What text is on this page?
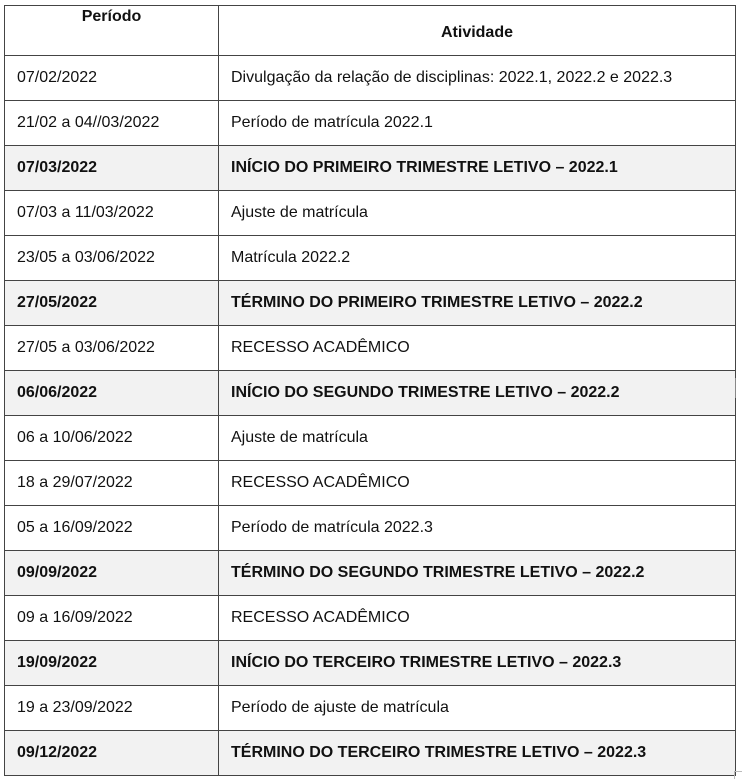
Período	Atividade
07/02/2022	Divulgação da relação de disciplinas: 2022.1, 2022.2 e 2022.3
21/02 a 04//03/2022	Período de matrícula 2022.1
07/03/2022	INÍCIO DO PRIMEIRO TRIMESTRE LETIVO – 2022.1
07/03 a 11/03/2022	Ajuste de matrícula
23/05 a 03/06/2022	Matrícula 2022.2
27/05/2022	TÉRMINO DO PRIMEIRO TRIMESTRE LETIVO – 2022.2
27/05 a 03/06/2022	RECESSO ACADÊMICO
06/06/2022	INÍCIO DO SEGUNDO TRIMESTRE LETIVO – 2022.2
06 a 10/06/2022	Ajuste de matrícula
18 a 29/07/2022	RECESSO ACADÊMICO
05 a 16/09/2022	Período de matrícula 2022.3
09/09/2022	TÉRMINO DO SEGUNDO TRIMESTRE LETIVO – 2022.2
09 a 16/09/2022	RECESSO ACADÊMICO
19/09/2022	INÍCIO DO TERCEIRO TRIMESTRE LETIVO – 2022.3
19 a 23/09/2022	Período de ajuste de matrícula
09/12/2022	TÉRMINO DO TERCEIRO TRIMESTRE LETIVO – 2022.3
